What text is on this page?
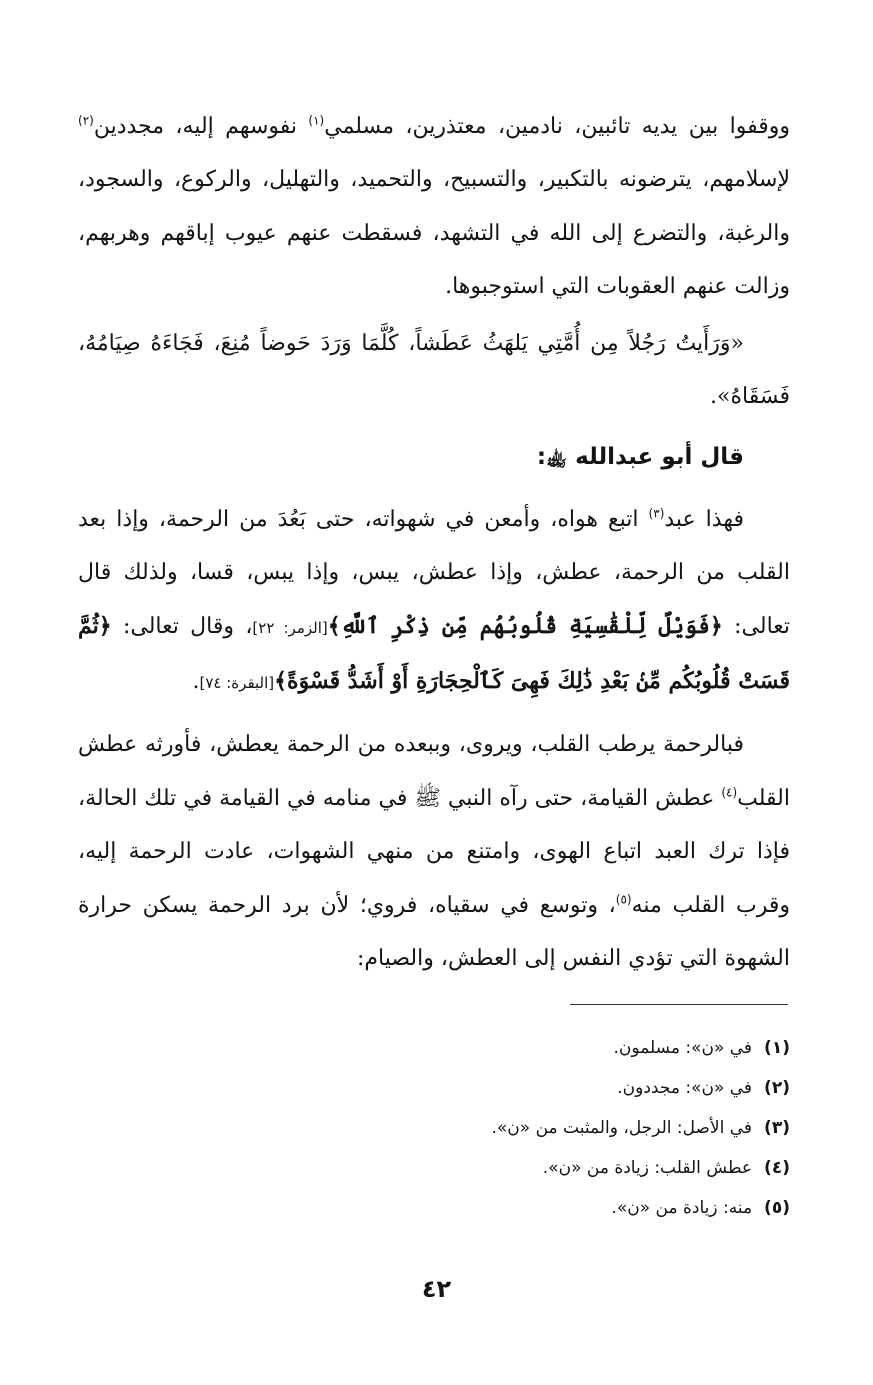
ووقفوا بين يديه تائبين، نادمين، معتذرين، مسلمي$^{(١)}$ نفوسهم إليه، مجددين$^{(٢)}$ لإسلامهم، يترضونه بالتكبير، والتسبيح، والتحميد، والتهليل، والركوع، والسجود، والرغبة، والتضرع إلى الله في التشهد، فسقطت عنهم عيوب إباقهم وهربهم، وزالت عنهم العقوبات التي استوجبوها.

«وَرَأَيتُ رَجُلاً مِن أُمَّتِي يَلهَثُ عَطَشاً، كُلَّمَا وَرَدَ حَوضاً مُنِعَ، فَجَاءَهُ صِيَامُهُ، فَسَقَاهُ».

قال أبو عبدالله ﵀:

فهذا عبد$^{(٣)}$ اتبع هواه، وأمعن في شهواته، حتى بَعُدَ من الرحمة، وإذا بعد القلب من الرحمة، عطش، وإذا عطش، يبس، وإذا يبس، قسا، ولذلك قال تعالى: ﴿فَوَيْلٌ لِّلْقَٰسِيَةِ قُلُوبُهُم مِّن ذِكْرِ ٱللَّهِ﴾[الزمر: ٢٢]، وقال تعالى: ﴿ثُمَّ قَسَتْ قُلُوبُكُم مِّنۢ بَعْدِ ذَٰلِكَ فَهِىَ كَٱلْحِجَارَةِ أَوْ أَشَدُّ قَسْوَةً﴾[البقرة: ٧٤].

فبالرحمة يرطب القلب، ويروى، وببعده من الرحمة يعطش، فأورثه عطش القلب$^{(٤)}$ عطش القيامة، حتى رآه النبي ﷺ في منامه في القيامة في تلك الحالة، فإذا ترك العبد اتباع الهوى، وامتنع من منهي الشهوات، عادت الرحمة إليه، وقرب القلب منه$^{(٥)}$، وتوسع في سقياه، فروي؛ لأن برد الرحمة يسكن حرارة الشهوة التي تؤدي النفس إلى العطش، والصيام:

(١)في «ن»: مسلمون.
(٢)في «ن»: مجددون.
(٣)في الأصل: الرجل، والمثبت من «ن».
(٤)عطش القلب: زيادة من «ن».
(٥)منه: زيادة من «ن».
٤٢
